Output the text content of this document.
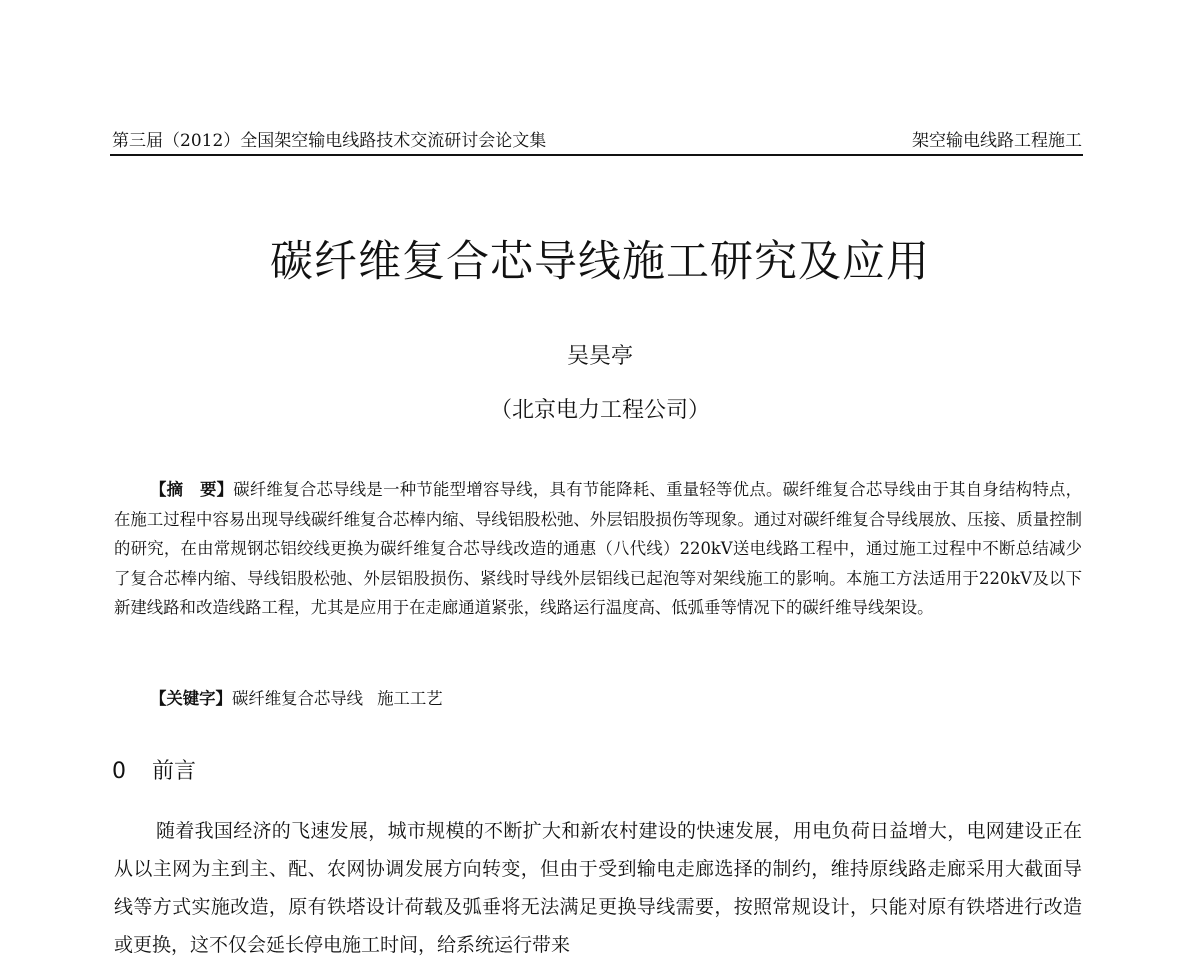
第三届（2012）全国架空输电线路技术交流研讨会论文集	架空输电线路工程施工
碳纤维复合芯导线施工研究及应用
吴昊亭
（北京电力工程公司）
【摘　要】碳纤维复合芯导线是一种节能型增容导线，具有节能降耗、重量轻等优点。碳纤维复合芯导线由于其自身结构特点，在施工过程中容易出现导线碳纤维复合芯棒内缩、导线铝股松弛、外层铝股损伤等现象。通过对碳纤维复合导线展放、压接、质量控制的研究，在由常规钢芯铝绞线更换为碳纤维复合芯导线改造的通惠（八代线）220kV送电线路工程中，通过施工过程中不断总结减少了复合芯棒内缩、导线铝股松弛、外层铝股损伤、紧线时导线外层铝线已起泡等对架线施工的影响。本施工方法适用于220kV及以下新建线路和改造线路工程，尤其是应用于在走廊通道紧张，线路运行温度高、低弧垂等情况下的碳纤维导线架设。
【关键字】碳纤维复合芯导线 施工工艺
0 前言
随着我国经济的飞速发展，城市规模的不断扩大和新农村建设的快速发展，用电负荷日益增大，电网建设正在从以主网为主到主、配、农网协调发展方向转变，但由于受到输电走廊选择的制约，维持原线路走廊采用大截面导线等方式实施改造，原有铁塔设计荷载及弧垂将无法满足更换导线需要，按照常规设计，只能对原有铁塔进行改造或更换，这不仅会延长停电施工时间，给系统运行带来
